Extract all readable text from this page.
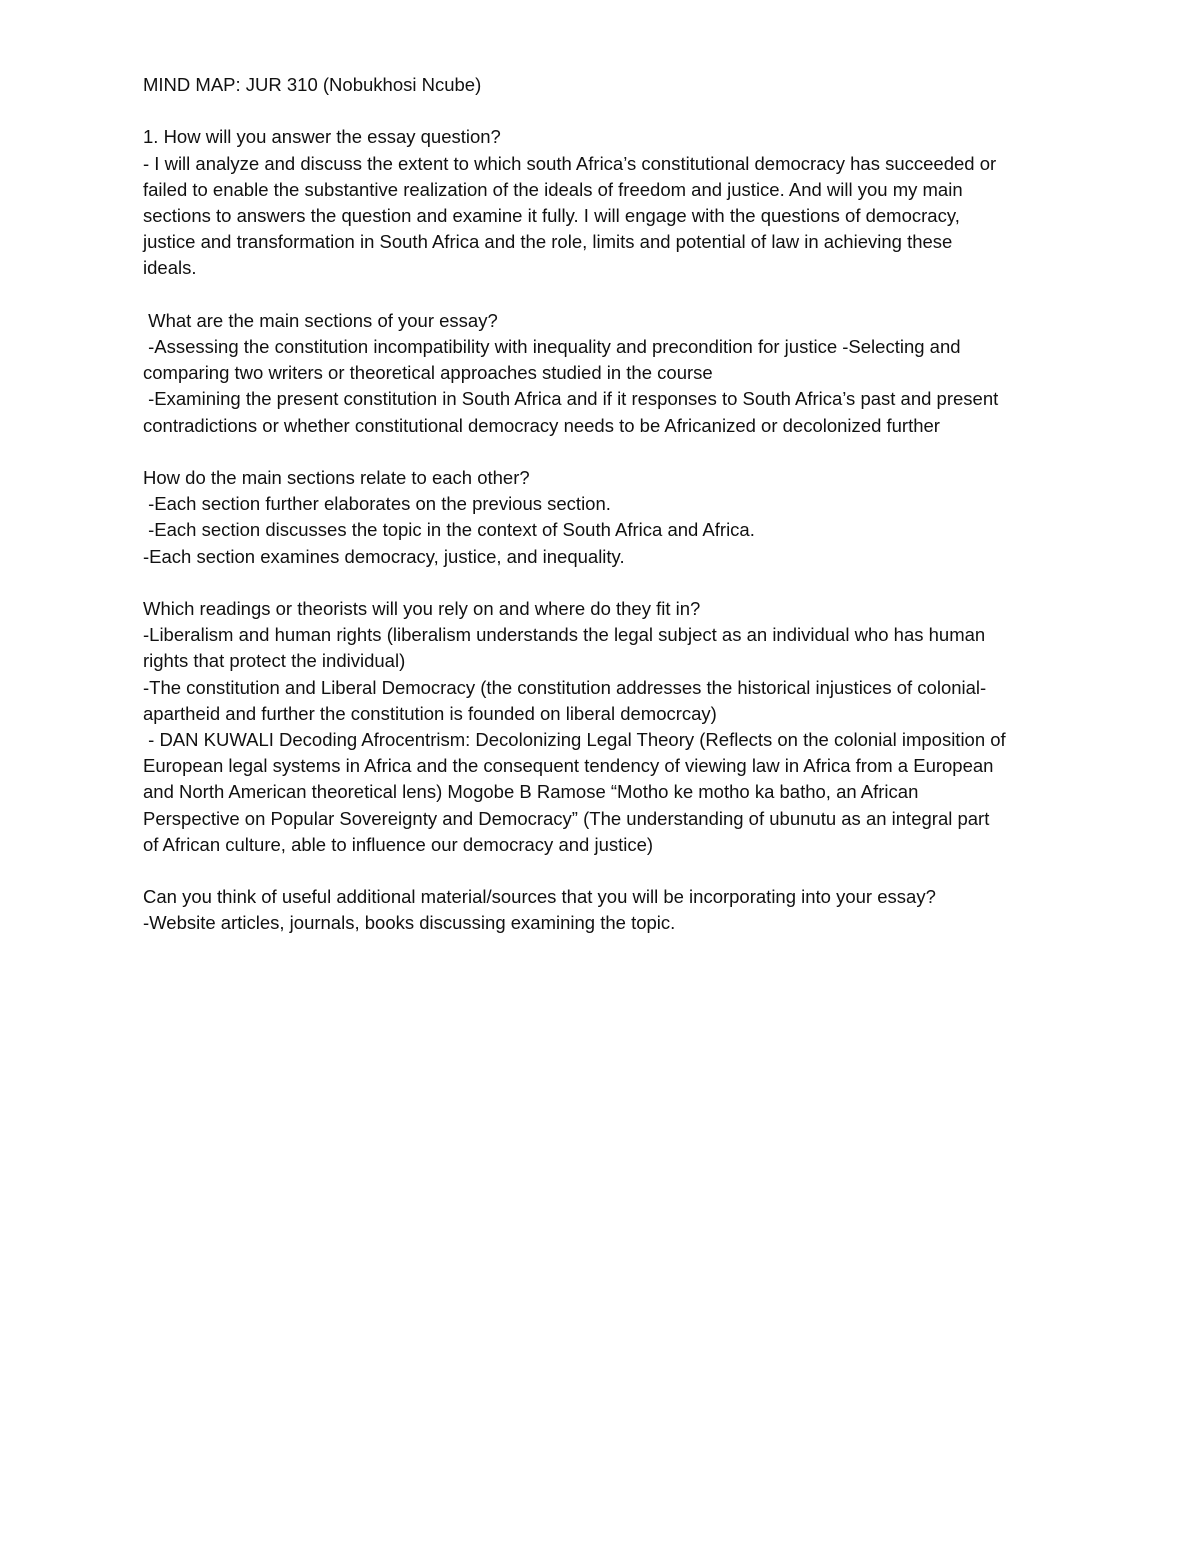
MIND MAP: JUR 310 (Nobukhosi Ncube)
1. How will you answer the essay question?
- I will analyze and discuss the extent to which south Africa’s constitutional democracy has succeeded or
failed to enable the substantive realization of the ideals of freedom and justice. And will you my main
sections to answers the question and examine it fully. I will engage with the questions of democracy,
justice and transformation in South Africa and the role, limits and potential of law in achieving these
ideals.
What are the main sections of your essay?
-Assessing the constitution incompatibility with inequality and precondition for justice -Selecting and
comparing two writers or theoretical approaches studied in the course
-Examining the present constitution in South Africa and if it responses to South Africa’s past and present
contradictions or whether constitutional democracy needs to be Africanized or decolonized further
How do the main sections relate to each other?
-Each section further elaborates on the previous section.
-Each section discusses the topic in the context of South Africa and Africa.
-Each section examines democracy, justice, and inequality.
Which readings or theorists will you rely on and where do they fit in?
-Liberalism and human rights (liberalism understands the legal subject as an individual who has human
rights that protect the individual)
-The constitution and Liberal Democracy (the constitution addresses the historical injustices of colonial-
apartheid and further the constitution is founded on liberal democrcay)
- DAN KUWALI Decoding Afrocentrism: Decolonizing Legal Theory (Reflects on the colonial imposition of
European legal systems in Africa and the consequent tendency of viewing law in Africa from a European
and North American theoretical lens) Mogobe B Ramose “Motho ke motho ka batho, an African
Perspective on Popular Sovereignty and Democracy” (The understanding of ubunutu as an integral part
of African culture, able to influence our democracy and justice)
Can you think of useful additional material/sources that you will be incorporating into your essay?
-Website articles, journals, books discussing examining the topic.
